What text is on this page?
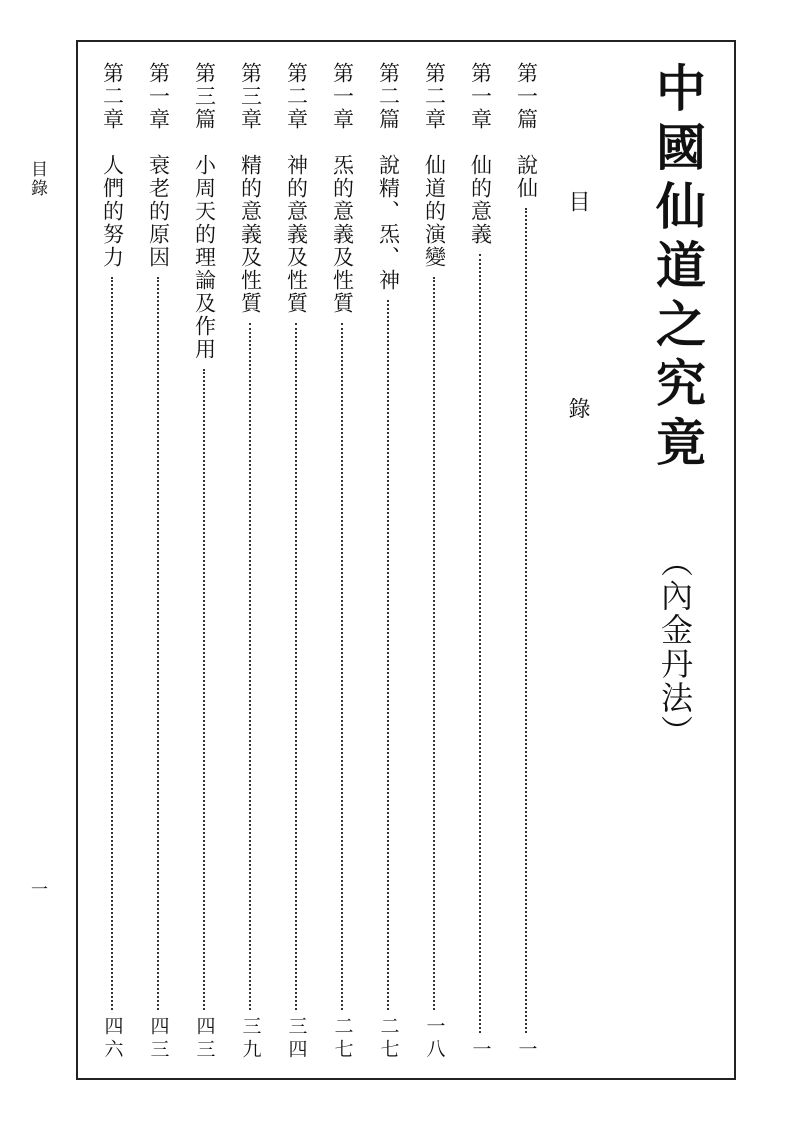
目錄
一
中國仙道之究竟
︵內金丹法︶
目 錄
第一篇　說仙
一
第一章　仙的意義
一
第二章　仙道的演變
一八
第二篇　說精、炁、神
二七
第一章　炁的意義及性質
二七
第二章　神的意義及性質
三四
第三章　精的意義及性質
三九
第三篇　小周天的理論及作用
四三
第一章　衰老的原因
四三
第二章　人們的努力
四六
